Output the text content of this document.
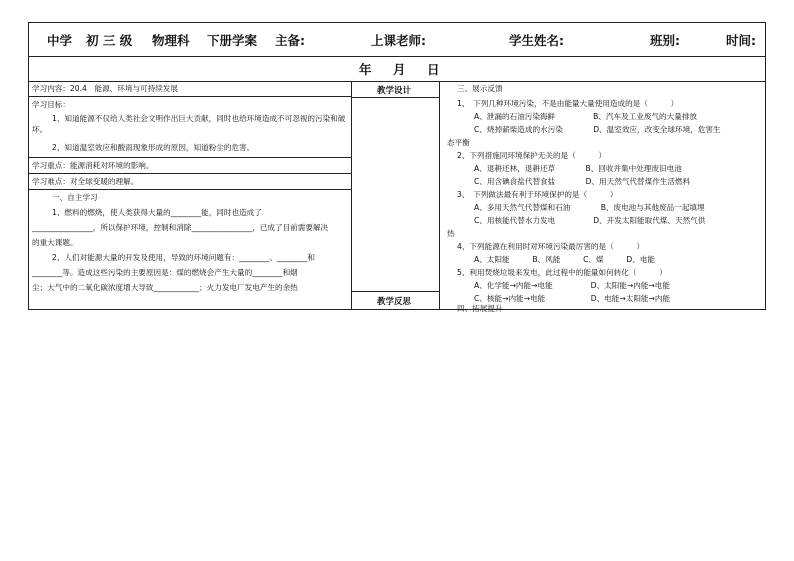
中学 初 三 级 物理科 下册学案 主备:	上课老师:	学生姓名:	班别:	时间:
年 月 日
学习内容：20.4　能源、环境与可持续发展
学习目标：
1、知道能源不仅给人类社会文明作出巨大贡献，同时也给环境造成不可忽视的污染和破坏。
2、知道温室效应和酸雨现象形成的原因，知道粉尘的危害。
学习重点：能源消耗对环境的影响。
学习难点：对全球变暖的理解。
一、自主学习
1、燃料的燃烧，使人类获得大量的________能，同时也造成了
________________，所以保护环境，控制和消除________________，已成了目前需要解决
的重大课题。
2、人们对能源大量的开发及使用，导致的环境问题有：________、________和
________等。造成这些污染的主要原因是：煤的燃烧会产生大量的________和烟
尘；大气中的二氧化碳浓度增大导致____________；火力发电厂发电产生的余热
教学设计
教学反思
三、展示反馈
1、　下列几种环境污染，不是由能量大量使用造成的是（　　　）
A、泄漏的石油污染海鲜　　　　　B、汽车及工业废气的大量排放
C、烧掉薪柴造成的水污染　　　　D、温室效应，改变全球环境，危害生
态平衡
2、下列措施同环境保护无关的是（　　　）
A、退耕还林，退耕还草　　　　B、回收并集中处理废旧电池
C、用含碘食盐代替食盐　　　　D、用天然气代替煤作生活燃料
3、　下列做法最有利于环境保护的是（　　　）
A、多用天然气代替煤和石油　　　　B、废电池与其他废品一起填埋
C、用核能代替水力发电　　　　　D、开发太阳能取代煤、天然气供
热
4、下列能源在利用时对环境污染最厉害的是（　　　）
A、太阳能　　　B、风能　　　C、煤　　　D、电能
5、利用焚烧垃圾来发电，此过程中的能量如何转化（　　　）
A、化学能→内能→电能　　　　　D、太阳能→内能→电能
C、核能→内能→电能　　　　　　D、电能→太阳能→内能
四、拓展提升
